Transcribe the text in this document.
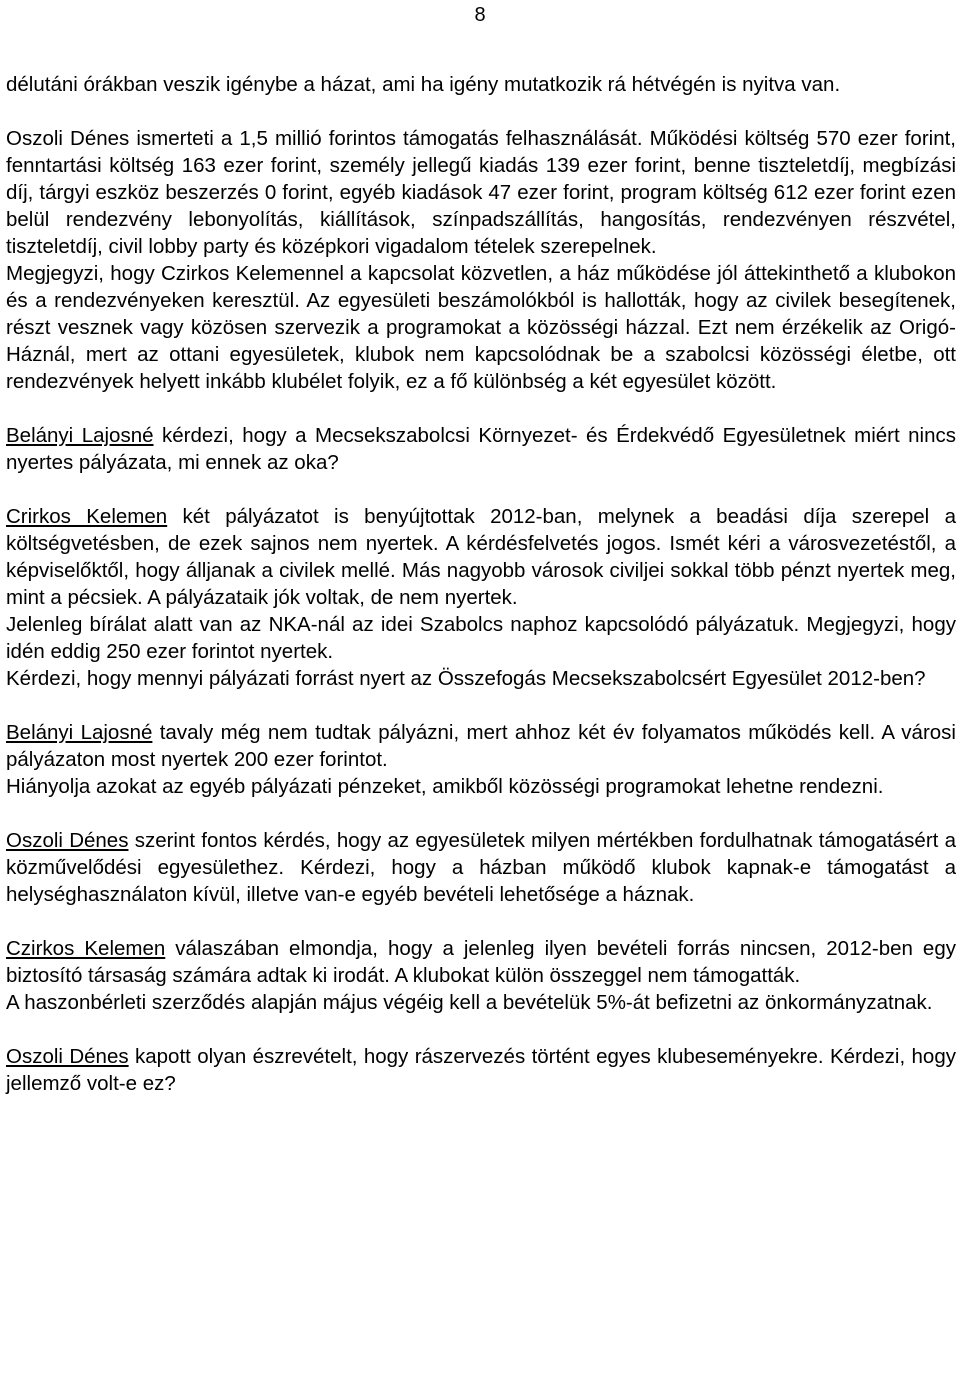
8

délutáni órákban veszik igénybe a házat, ami ha igény mutatkozik rá hétvégén is nyitva van.

Oszoli Dénes ismerteti a 1,5 millió forintos támogatás felhasználását. Működési költség 570 ezer forint, fenntartási költség 163 ezer forint, személy jellegű kiadás 139 ezer forint, benne tiszteletdíj, megbízási díj, tárgyi eszköz beszerzés 0 forint, egyéb kiadások 47 ezer forint, program költség 612 ezer forint ezen belül rendezvény lebonyolítás, kiállítások, színpadszállítás, hangosítás, rendezvényen részvétel, tiszteletdíj, civil lobby party és középkori vigadalom tételek szerepelnek.

Megjegyzi, hogy Czirkos Kelemennel a kapcsolat közvetlen, a ház működése jól áttekinthető a klubokon és a rendezvényeken keresztül. Az egyesületi beszámolókból is hallották, hogy az civilek besegítenek, részt vesznek vagy közösen szervezik a programokat a közösségi házzal. Ezt nem érzékelik az Origó-Háznál, mert az ottani egyesületek, klubok nem kapcsolódnak be a szabolcsi közösségi életbe, ott rendezvények helyett inkább klubélet folyik, ez a fő különbség a két egyesület között.

Belányi Lajosné kérdezi, hogy a Mecsekszabolcsi Környezet- és Érdekvédő Egyesületnek miért nincs nyertes pályázata, mi ennek az oka?

Crirkos Kelemen két pályázatot is benyújtottak 2012-ban, melynek a beadási díja szerepel a költségvetésben, de ezek sajnos nem nyertek. A kérdésfelvetés jogos. Ismét kéri a városvezetéstől, a képviselőktől, hogy álljanak a civilek mellé. Más nagyobb városok civiljei sokkal több pénzt nyertek meg, mint a pécsiek. A pályázataik jók voltak, de nem nyertek.

Jelenleg bírálat alatt van az NKA-nál az idei Szabolcs naphoz kapcsolódó pályázatuk. Megjegyzi, hogy idén eddig 250 ezer forintot nyertek.

Kérdezi, hogy mennyi pályázati forrást nyert az Összefogás Mecsekszabolcsért Egyesület 2012-ben?

Belányi Lajosné tavaly még nem tudtak pályázni, mert ahhoz két év folyamatos működés kell. A városi pályázaton most nyertek 200 ezer forintot.

Hiányolja azokat az egyéb pályázati pénzeket, amikből közösségi programokat lehetne rendezni.

Oszoli Dénes szerint fontos kérdés, hogy az egyesületek milyen mértékben fordulhatnak támogatásért a közművelődési egyesülethez. Kérdezi, hogy a házban működő klubok kapnak-e támogatást a helységhasználaton kívül, illetve van-e egyéb bevételi lehetősége a háznak.

Czirkos Kelemen válaszában elmondja, hogy a jelenleg ilyen bevételi forrás nincsen, 2012-ben egy biztosító társaság számára adtak ki irodát. A klubokat külön összeggel nem támogatták.

A haszonbérleti szerződés alapján május végéig kell a bevételük 5%-át befizetni az önkormányzatnak.

Oszoli Dénes kapott olyan észrevételt, hogy rászervezés történt egyes klubeseményekre. Kérdezi, hogy jellemző volt-e ez?
